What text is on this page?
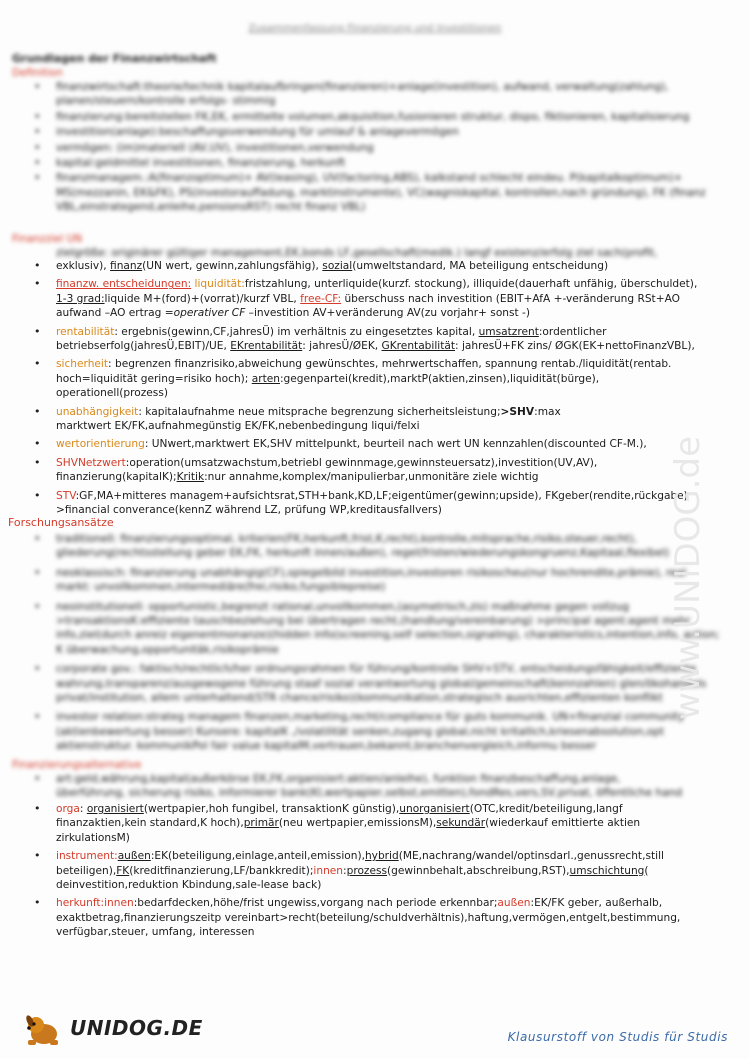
Zusammenfassung Finanzierung und Investitionen
Grundlagen der Finanzwirtschaft
Definition
• finanzwirtschaft:theorie/technik kapitalaufbringen(finanzieren)+anlage(investition), aufwand, verwaltung(zahlung), planen/steuern/kontrolle erfolgs- stimmig
• finanzierung:bereitstellen FK,EK, ermittelte volumen,akquisition,fusionieren struktur, dispo, fiktionieren, kapitalisierung
• investition(anlage):beschaffungsverwendung für umlauf & anlagevermögen
• vermögen: (im)materiell (AV,UV), investitionen,verwendung
• kapital:geldmittel investitionen, finanzierung, herkunft
• finanzmanagem.:A(finanzoptimum)+ AV(leasing), UV(factoring,ABS), kalkstand schlecht eindeu. P(kapitalkoptimum)+ MS(mezzanin, EK&FK), PS(investorauffadung, marktinstrumente), VC(wagniskapital, kontrollen,nach gründung), FK (finanz VBL,einstrategend,anleihe,pensionsRST) recht finanz VBL)
Finanzziel UN
zielgröße: originärer gültiger management,EK,bonds LF,gesellschaft(medik.) langf existenz/erfolg ziel sach(profit,
• exklusiv), finanz(UN wert, gewinn,zahlungsfähig), sozial(umweltstandard, MA beteiligung entscheidung)
• finanzw. entscheidungen: liquidität:fristzahlung, unterliquide(kurzf. stockung), illiquide(dauerhaft unfähig, überschuldet),
1-3 grad:liquide M+(ford)+(vorrat)/kurzf VBL, free-CF: überschuss nach investition (EBIT+AfA +-veränderung RSt+AO
aufwand –AO ertrag =operativer CF –investition AV+veränderung AV(zu vorjahr+ sonst -)
• rentabilität: ergebnis(gewinn,CF,jahresÜ) im verhältnis zu eingesetztes kapital, umsatzrent:ordentlicher
betriebserfolg(jahresÜ,EBIT)/UE, EKrentabilität: jahresÜ/ØEK, GKrentabilität: jahresÜ+FK zins/ ØGK(EK+nettoFinanzVBL),
• sicherheit: begrenzen finanzrisiko,abweichung gewünschtes, mehrwertschaffen, spannung rentab./liquidität(rentab.
hoch=liquidität gering=risiko hoch); arten:gegenpartei(kredit),marktP(aktien,zinsen),liquidität(bürge),
operationell(prozess)
• unabhängigkeit: kapitalaufnahme neue mitsprache begrenzung sicherheitsleistung;>SHV:max
marktwert EK/FK,aufnahmegünstig EK/FK,nebenbedingung liqui/felxi
• wertorientierung: UNwert,marktwert EK,SHV mittelpunkt, beurteil nach wert UN kennzahlen(discounted CF-M.),
• SHVNetzwert:operation(umsatzwachstum,betriebl gewinnmage,gewinnsteuersatz),investition(UV,AV),
finanzierung(kapitalK);Kritik:nur annahme,komplex/manipulierbar,unmonitäre ziele wichtig
• STV:GF,MA+mitteres managem+aufsichtsrat,STH+bank,KD,LF;eigentümer(gewinn;upside), FKgeber(rendite,rückgabe)
>financial converance(kennZ während LZ, prüfung WP,kreditausfallvers)
Forschungsansätze
• traditionell: finanzierungsoptimal, kriterien(FK,herkunft,frist,K,recht),kontrolle,mitsprache,risiko,steuer,recht), gliederung(rechtsstellung geber EK,FK, herkunft innen/außen), regel(fristen/wiederungskongruenz,Kapitaal,flexibel)
• neoklassisch: finanzierung unabhängig(CF),spiegelbild investition,investoren risikoscheu(nur hochrendite,prämie), real markt: unvollkommen,intermediäre(frei,risiko,fungsiblepreise)
• neoinstitutionell: opportunistic,begrenzt rational,unvollkommen,(asymetrisch,zis) maßnahme gegen vollzug >transaktionsK:effiziente tauschbeziehung bei übertragen recht,(handlung/vereinbarung) >principal agent:agent mehr info,ziel(durch anreiz eigenentmonanze)(hidden info(screening,self selection,signaling), charakteristics,intention,info, action; K überwachung,opportunitäk,risikoprämie
• corporate gov.: faktisch/rechtlich/her ordnungsrahmen für führung/kontrolle SHV+STV, entscheidungsfähigkeit/effiziente wahrung,transparenz/ausgewogene führung staaf sozial verantwortung global/gemeinschaft(kennzahlen) glen/ökohandels privat/institution, allem unterhaltend(STR chance/risiko)(kommunikation,strategisch ausrichten,effizienten konflikt
• investor relation:strateg managem finanzen,marketing,recht/compliance für guts kommunik. UN+finanzial community (aktienbewertung besser) Kunsere: kapitalK ,/volatilität senken,zugang global,nicht kritallich,kriesenabsolution,opt aktienstruktur. kommunikPol fair value kapitalM,vertrauen,bekannt,branchenvergleich,informu besser
Finanzierungsalternative
• art:geld,währung,kapital(außerkörse EK,FK,organisiert:aktien/anleihe), funktion finanzbeschaffung,anlage,
überführung, sicherung risiko, informierer bank(KI,wertpapier,selbst,emitten),fondRes,vers,SV,privat, öffentliche hand
• orga: organisiert(wertpapier,hoh fungibel, transaktionK günstig),unorganisiert(OTC,kredit/beteiligung,langf
finanzaktien,kein standard,K hoch),primär(neu wertpapier,emissionsM),sekundär(wiederkauf emittierte aktien
zirkulationsM)
• instrument:außen:EK(beteiligung,einlage,anteil,emission),hybrid(ME,nachrang/wandel/optinsdarl.,genussrecht,still
beteiligen),FK(kreditfinanzierung,LF/bankkredit);innen:prozess(gewinnbehalt,abschreibung,RST),umschichtung(
deinvestition,reduktion Kbindung,sale-lease back)
• herkunft:innen:bedarfdecken,höhe/frist ungewiss,vorgang nach periode erkennbar;außen:EK/FK geber, außerhalb,
exaktbetrag,finanzierungszeitp vereinbart>recht(beteilung/schuldverhältnis),haftung,vermögen,entgelt,bestimmung,
verfügbar,steuer, umfang, interessen
www.UNIDOG.de
UNIDOG.DE	Klausurstoff von Studis für Studis
